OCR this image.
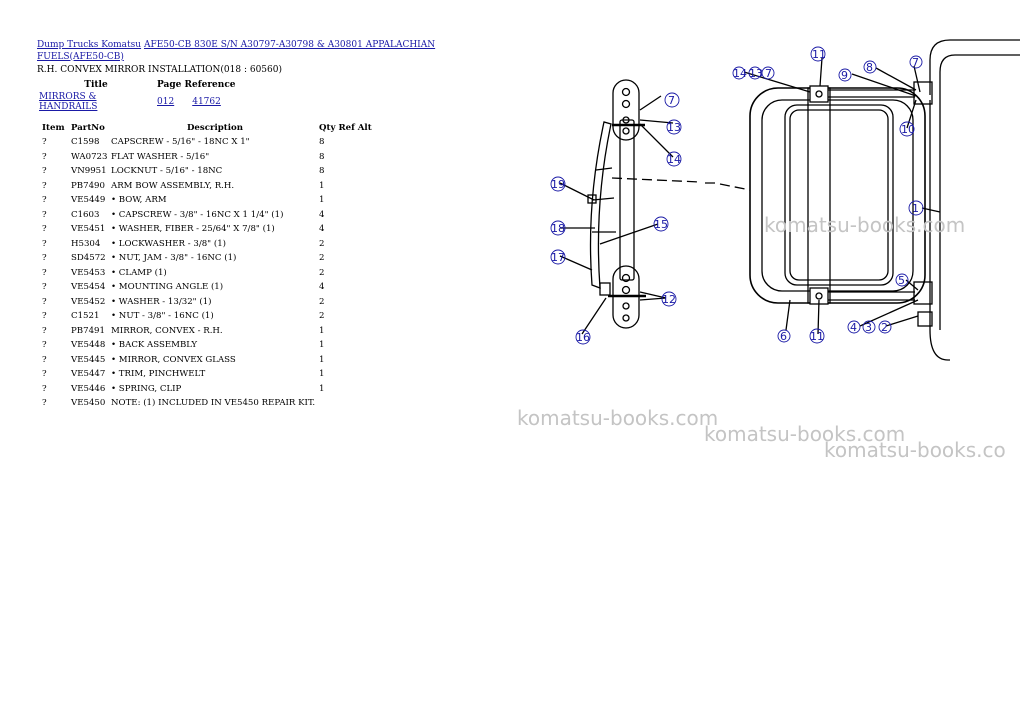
Dump Trucks Komatsu AFE50-CB 830E S/N A30797-A30798 & A30801 APPALACHIAN FUELS(AFE50-CB)
R.H. CONVEX MIRROR INSTALLATION(018 : 60560)
Title	Page Reference	
MIRRORS & HANDRAILS	012	41762
Item	PartNo	Description	Qty Ref Alt
?	C1598	CAPSCREW - 5/16" - 18NC X 1"	8
?	WA0723	FLAT WASHER - 5/16"	8
?	VN9951	LOCKNUT - 5/16" - 18NC	8
?	PB7490	ARM BOW ASSEMBLY, R.H.	1
?	VE5449	• BOW, ARM	1
?	C1603	• CAPSCREW - 3/8" - 16NC X 1 1/4" (1)	4
?	VE5451	• WASHER, FIBER - 25/64" X 7/8" (1)	4
?	H5304	• LOCKWASHER - 3/8" (1)	2
?	SD4572	• NUT, JAM - 3/8" - 16NC (1)	2
?	VE5453	• CLAMP (1)	2
?	VE5454	• MOUNTING ANGLE (1)	4
?	VE5452	• WASHER - 13/32" (1)	2
?	C1521	• NUT - 3/8" - 16NC (1)	2
?	PB7491	MIRROR, CONVEX - R.H.	1
?	VE5448	• BACK ASSEMBLY	1
?	VE5445	• MIRROR, CONVEX GLASS	1
?	VE5447	• TRIM, PINCHWELT	1
?	VE5446	• SPRING, CLIP	1
?	VE5450	NOTE: (1) INCLUDED IN VE5450 REPAIR KIT.	
11
14 13 7	9
8	7
10
7
13
14
19
15
18
17
1
5
12
16	6 11
4 3 2
komatsu-books.com
komatsu-books.com
komatsu-books.com
komatsu-books.co
